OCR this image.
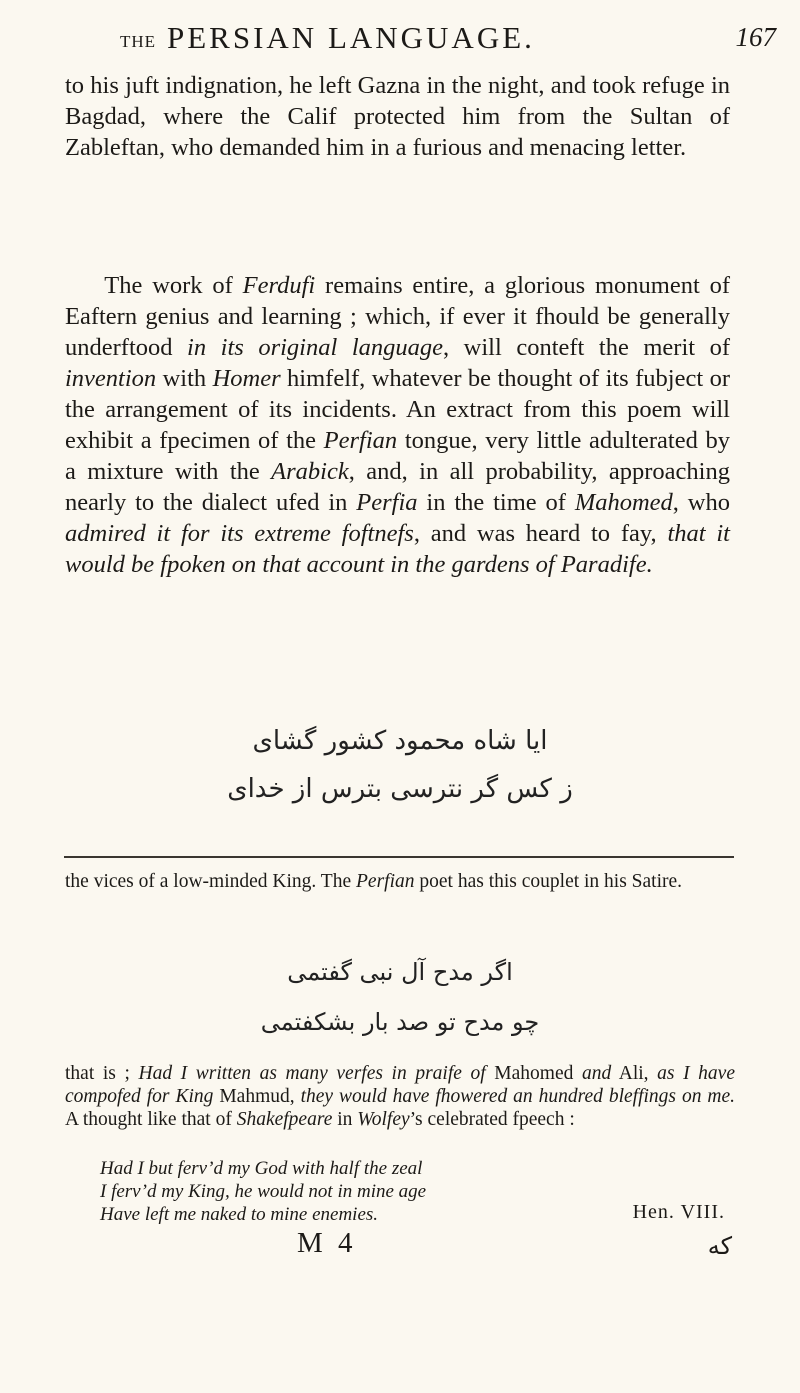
THE PERSIAN LANGUAGE.	167
to his juft indignation, he left Gazna in the night, and took refuge in Bagdad, where the Calif protected him from the Sultan of Zableftan, who demanded him in a furious and menacing letter.
The work of Ferdufi remains entire, a glorious monument of Eaftern genius and learning ; which, if ever it fhould be generally underftood in its original language, will conteft the merit of invention with Homer himfelf, whatever be thought of its fubject or the arrangement of its incidents. An extract from this poem will exhibit a fpecimen of the Perfian tongue, very little adulterated by a mixture with the Arabick, and, in all probability, approaching nearly to the dialect ufed in Perfia in the time of Mahomed, who admired it for its extreme foftnefs, and was heard to fay, that it would be fpoken on that account in the gardens of Paradife.
ایا شاه محمود کشور گشای
ز کس گر نترسی بترس از خدای
the vices of a low-minded King. The Perfian poet has this couplet in his Satire.
اگر مدح آل نبی گفتمی
چو مدح تو صد بار بشکفتمی
that is ; Had I written as many verfes in praife of Mahomed and Ali, as I have compofed for King Mahmud, they would have fhowered an hundred bleffings on me. A thought like that of Shakefpeare in Wolfey’s celebrated fpeech :
Had I but ferv’d my God with half the zeal
I ferv’d my King, he would not in mine age
Have left me naked to mine enemies.	Hen. VIII.
M 4	که
